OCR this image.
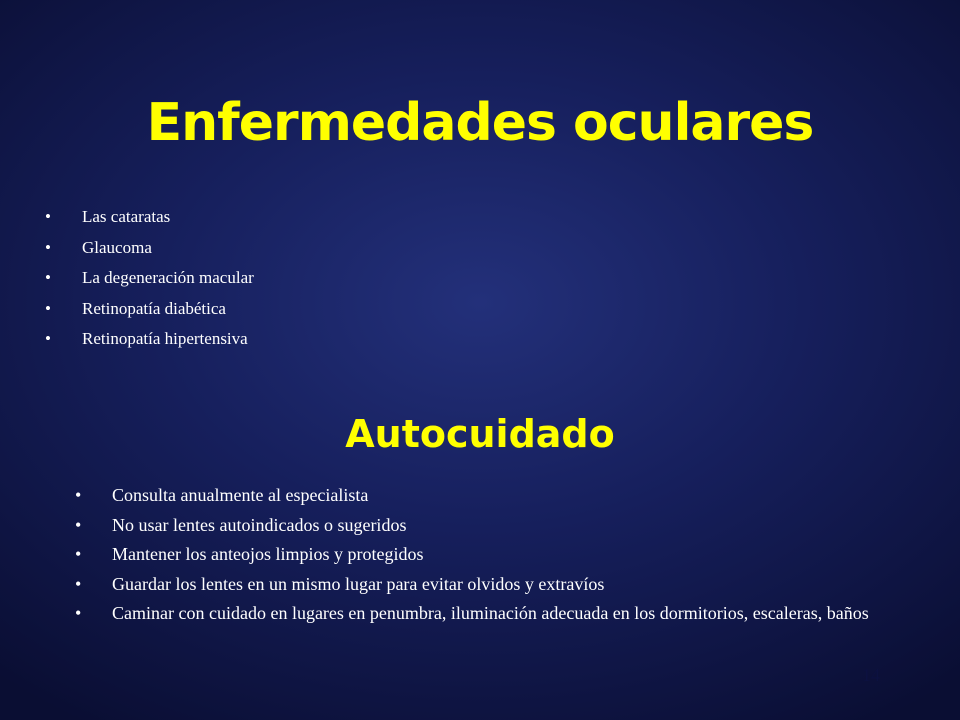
Enfermedades oculares
• Las cataratas
• Glaucoma
• La degeneración macular
• Retinopatía diabética
• Retinopatía hipertensiva
Autocuidado
• Consulta anualmente al especialista
• No usar lentes autoindicados o sugeridos
• Mantener los anteojos limpios y protegidos
• Guardar los lentes en un mismo lugar para evitar olvidos y extravíos
• Caminar con cuidado en lugares en penumbra, iluminación adecuada en los dormitorios, escaleras, baños
14
